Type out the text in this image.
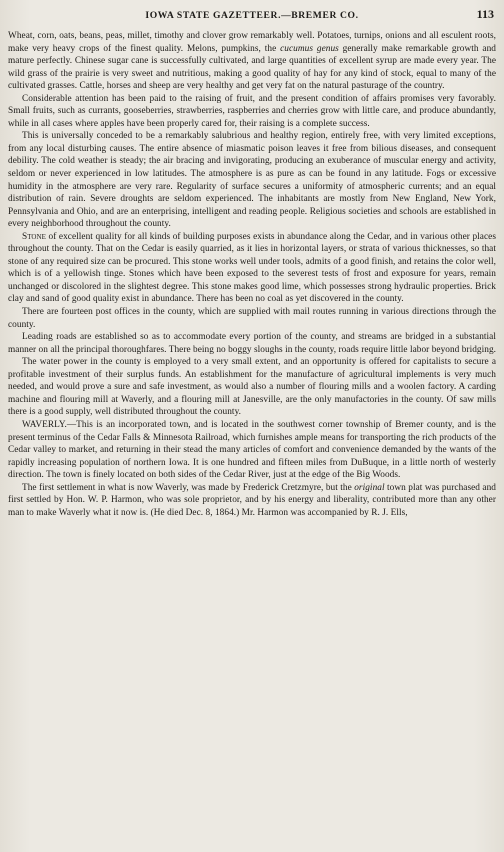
IOWA STATE GAZETTEER.—BREMER CO.	113

Wheat, corn, oats, beans, peas, millet, timothy and clover grow remarkably well. Potatoes, turnips, onions and all esculent roots, make very heavy crops of the finest quality. Melons, pumpkins, the cucumus genus generally make remarkable growth and mature perfectly. Chinese sugar cane is successfully cultivated, and large quantities of excellent syrup are made every year. The wild grass of the prairie is very sweet and nutritious, making a good quality of hay for any kind of stock, equal to many of the cultivated grasses. Cattle, horses and sheep are very healthy and get very fat on the natural pasturage of the country.

Considerable attention has been paid to the raising of fruit, and the present condition of affairs promises very favorably. Small fruits, such as currants, gooseberries, strawberries, raspberries and cherries grow with little care, and produce abundantly, while in all cases where apples have been properly cared for, their raising is a complete success.

This is universally conceded to be a remarkably salubrious and healthy region, entirely free, with very limited exceptions, from any local disturbing causes. The entire absence of miasmatic poison leaves it free from bilious diseases, and consequent debility. The cold weather is steady; the air bracing and invigorating, producing an exuberance of muscular energy and activity, seldom or never experienced in low latitudes. The atmosphere is as pure as can be found in any latitude. Fogs or excessive humidity in the atmosphere are very rare. Regularity of surface secures a uniformity of atmospheric currents; and an equal distribution of rain. Severe droughts are seldom experienced. The inhabitants are mostly from New England, New York, Pennsylvania and Ohio, and are an enterprising, intelligent and reading people. Religious societies and schools are established in every neighborhood throughout the county.

Stone of excellent quality for all kinds of building purposes exists in abundance along the Cedar, and in various other places throughout the county. That on the Cedar is easily quarried, as it lies in horizontal layers, or strata of various thicknesses, so that stone of any required size can be procured. This stone works well under tools, admits of a good finish, and retains the color well, which is of a yellowish tinge. Stones which have been exposed to the severest tests of frost and exposure for years, remain unchanged or discolored in the slightest degree. This stone makes good lime, which possesses strong hydraulic properties. Brick clay and sand of good quality exist in abundance. There has been no coal as yet discovered in the county.

There are fourteen post offices in the county, which are supplied with mail routes running in various directions through the county.

Leading roads are established so as to accommodate every portion of the county, and streams are bridged in a substantial manner on all the principal thoroughfares. There being no boggy sloughs in the county, roads require little labor beyond bridging.

The water power in the county is employed to a very small extent, and an opportunity is offered for capitalists to secure a profitable investment of their surplus funds. An establishment for the manufacture of agricultural implements is very much needed, and would prove a sure and safe investment, as would also a number of flouring mills and a woolen factory. A carding machine and flouring mill at Waverly, and a flouring mill at Janesville, are the only manufactories in the county. Of saw mills there is a good supply, well distributed throughout the county.

WAVERLY.—This is an incorporated town, and is located in the southwest corner township of Bremer county, and is the present terminus of the Cedar Falls & Minnesota Railroad, which furnishes ample means for transporting the rich products of the Cedar valley to market, and returning in their stead the many articles of comfort and convenience demanded by the wants of the rapidly increasing population of northern Iowa. It is one hundred and fifteen miles from DuBuque, in a little north of westerly direction. The town is finely located on both sides of the Cedar River, just at the edge of the Big Woods.

The first settlement in what is now Waverly, was made by Frederick Cretzmyre, but the original town plat was purchased and first settled by Hon. W. P. Harmon, who was sole proprietor, and by his energy and liberality, contributed more than any other man to make Waverly what it now is. (He died Dec. 8, 1864.) Mr. Harmon was accompanied by R. J. Ells,
